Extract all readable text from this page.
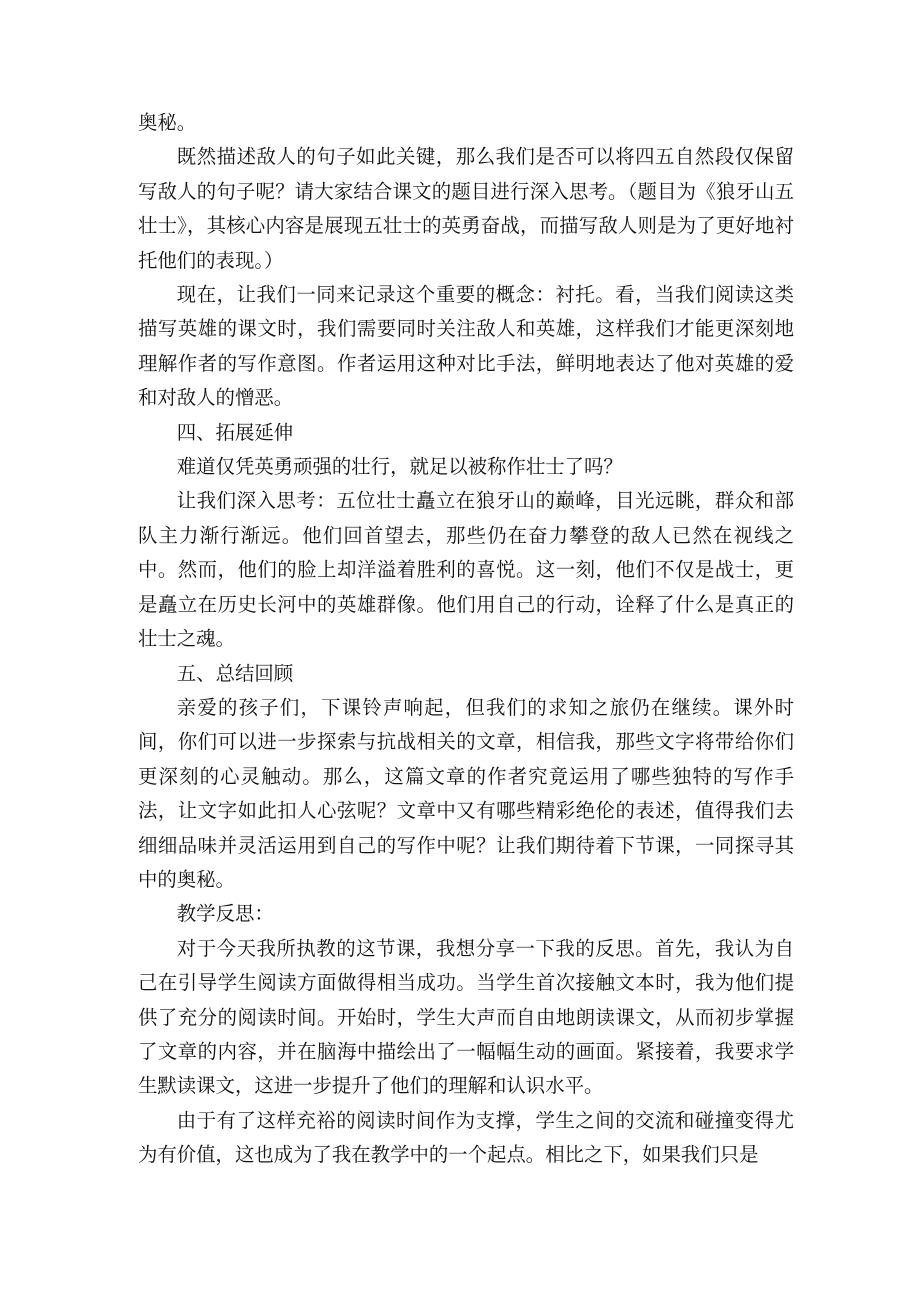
奥秘。

既然描述敌人的句子如此关键，那么我们是否可以将四五自然段仅保留写敌人的句子呢？请大家结合课文的题目进行深入思考。（题目为《狼牙山五壮士》，其核心内容是展现五壮士的英勇奋战，而描写敌人则是为了更好地衬托他们的表现。）

现在，让我们一同来记录这个重要的概念：衬托。看，当我们阅读这类描写英雄的课文时，我们需要同时关注敌人和英雄，这样我们才能更深刻地理解作者的写作意图。作者运用这种对比手法，鲜明地表达了他对英雄的爱和对敌人的憎恶。

四、拓展延伸

难道仅凭英勇顽强的壮行，就足以被称作壮士了吗？

让我们深入思考：五位壮士矗立在狼牙山的巅峰，目光远眺，群众和部队主力渐行渐远。他们回首望去，那些仍在奋力攀登的敌人已然在视线之中。然而，他们的脸上却洋溢着胜利的喜悦。这一刻，他们不仅是战士，更是矗立在历史长河中的英雄群像。他们用自己的行动，诠释了什么是真正的壮士之魂。

五、总结回顾

亲爱的孩子们，下课铃声响起，但我们的求知之旅仍在继续。课外时间，你们可以进一步探索与抗战相关的文章，相信我，那些文字将带给你们更深刻的心灵触动。那么，这篇文章的作者究竟运用了哪些独特的写作手法，让文字如此扣人心弦呢？文章中又有哪些精彩绝伦的表述，值得我们去细细品味并灵活运用到自己的写作中呢？让我们期待着下节课，一同探寻其中的奥秘。

教学反思：

对于今天我所执教的这节课，我想分享一下我的反思。首先，我认为自己在引导学生阅读方面做得相当成功。当学生首次接触文本时，我为他们提供了充分的阅读时间。开始时，学生大声而自由地朗读课文，从而初步掌握了文章的内容，并在脑海中描绘出了一幅幅生动的画面。紧接着，我要求学生默读课文，这进一步提升了他们的理解和认识水平。

由于有了这样充裕的阅读时间作为支撑，学生之间的交流和碰撞变得尤为有价值，这也成为了我在教学中的一个起点。相比之下，如果我们只是
